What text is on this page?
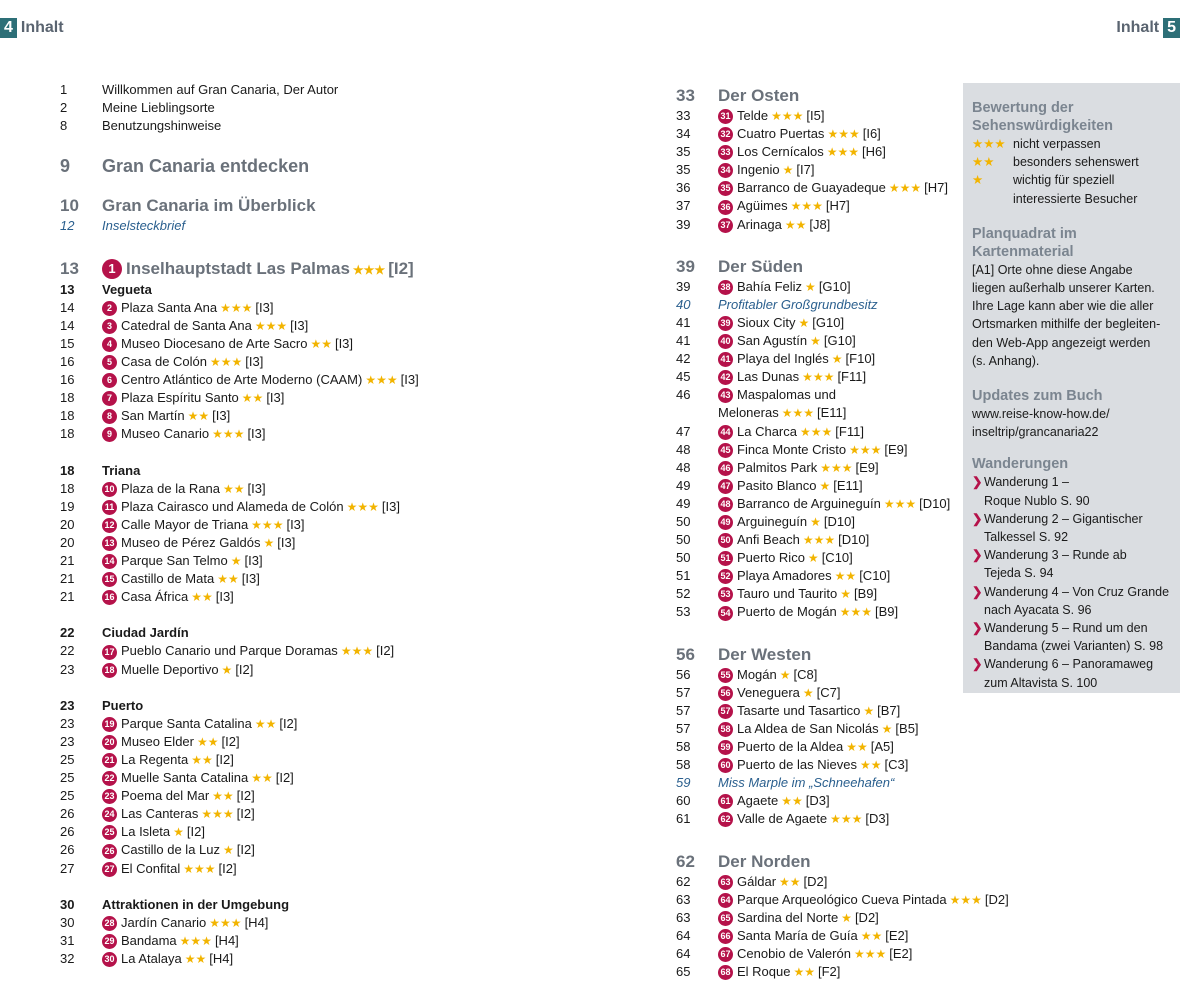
4 Inhalt	Inhalt 5
1	Willkommen auf Gran Canaria, Der Autor
2	Meine Lieblingsorte
8	Benutzungshinweise
9	Gran Canaria entdecken
10	Gran Canaria im Überblick
12	Inselsteckbrief
13	1 Inselhauptstadt Las Palmas ★★★ [I2]
13	Vegueta
14	2 Plaza Santa Ana ★★★ [I3]
14	3 Catedral de Santa Ana ★★★ [I3]
15	4 Museo Diocesano de Arte Sacro ★★ [I3]
16	5 Casa de Colón ★★★ [I3]
16	6 Centro Atlántico de Arte Moderno (CAAM) ★★★ [I3]
18	7 Plaza Espíritu Santo ★★ [I3]
18	8 San Martín ★★ [I3]
18	9 Museo Canario ★★★ [I3]
18	Triana
18	10 Plaza de la Rana ★★ [I3]
19	11 Plaza Cairasco und Alameda de Colón ★★★ [I3]
20	12 Calle Mayor de Triana ★★★ [I3]
20	13 Museo de Pérez Galdós ★ [I3]
21	14 Parque San Telmo ★ [I3]
21	15 Castillo de Mata ★★ [I3]
21	16 Casa África ★★ [I3]
22	Ciudad Jardín
22	17 Pueblo Canario und Parque Doramas ★★★ [I2]
23	18 Muelle Deportivo ★ [I2]
23	Puerto
23	19 Parque Santa Catalina ★★ [I2]
23	20 Museo Elder ★★ [I2]
25	21 La Regenta ★★ [I2]
25	22 Muelle Santa Catalina ★★ [I2]
25	23 Poema del Mar ★★ [I2]
26	24 Las Canteras ★★★ [I2]
26	25 La Isleta ★ [I2]
26	26 Castillo de la Luz ★ [I2]
27	27 El Confital ★★★ [I2]
30	Attraktionen in der Umgebung
30	28 Jardín Canario ★★★ [H4]
31	29 Bandama ★★★ [H4]
32	30 La Atalaya ★★ [H4]
33	Der Osten
33	31 Telde ★★★ [I5]
34	32 Cuatro Puertas ★★★ [I6]
35	33 Los Cernícalos ★★★ [H6]
35	34 Ingenio ★ [I7]
36	35 Barranco de Guayadeque ★★★ [H7]
37	36 Agüimes ★★★ [H7]
39	37 Arinaga ★★ [J8]
39	Der Süden
39	38 Bahía Feliz ★ [G10]
40	Profitabler Großgrundbesitz
41	39 Sioux City ★ [G10]
41	40 San Agustín ★ [G10]
42	41 Playa del Inglés ★ [F10]
45	42 Las Dunas ★★★ [F11]
46	43 Maspalomas und
Meloneras ★★★ [E11]
47	44 La Charca ★★★ [F11]
48	45 Finca Monte Cristo ★★★ [E9]
48	46 Palmitos Park ★★★ [E9]
49	47 Pasito Blanco ★ [E11]
49	48 Barranco de Arguineguín ★★★ [D10]
50	49 Arguineguín ★ [D10]
50	50 Anfi Beach ★★★ [D10]
50	51 Puerto Rico ★ [C10]
51	52 Playa Amadores ★★ [C10]
52	53 Tauro und Taurito ★ [B9]
53	54 Puerto de Mogán ★★★ [B9]
56	Der Westen
56	55 Mogán ★ [C8]
57	56 Veneguera ★ [C7]
57	57 Tasarte und Tasartico ★ [B7]
57	58 La Aldea de San Nicolás ★ [B5]
58	59 Puerto de la Aldea ★★ [A5]
58	60 Puerto de las Nieves ★★ [C3]
59	Miss Marple im „Schneehafen“
60	61 Agaete ★★ [D3]
61	62 Valle de Agaete ★★★ [D3]
62	Der Norden
62	63 Gáldar ★★ [D2]
63	64 Parque Arqueológico Cueva Pintada ★★★ [D2]
63	65 Sardina del Norte ★ [D2]
64	66 Santa María de Guía ★★ [E2]
64	67 Cenobio de Valerón ★★★ [E2]
65	68 El Roque ★★ [F2]
Bewertung der Sehenswürdigkeiten
★★★ nicht verpassen
★★	besonders sehenswert
★	wichtig für speziell
interessierte Besucher
Planquadrat im Kartenmaterial
[A1] Orte ohne diese Angabe
liegen außerhalb unserer Karten.
Ihre Lage kann aber wie die aller
Ortsmarken mithilfe der begleiten-
den Web-App angezeigt werden
(s. Anhang).
Updates zum Buch
www.reise-know-how.de/
inseltrip/grancanaria22
Wanderungen
❯ Wanderung 1 –
Roque Nublo S. 90
❯ Wanderung 2 – Gigantischer
Talkessel S. 92
❯ Wanderung 3 – Runde ab
Tejeda S. 94
❯ Wanderung 4 – Von Cruz Grande
nach Ayacata S. 96
❯ Wanderung 5 – Rund um den
Bandama (zwei Varianten) S. 98
❯ Wanderung 6 – Panoramaweg
zum Altavista S. 100
